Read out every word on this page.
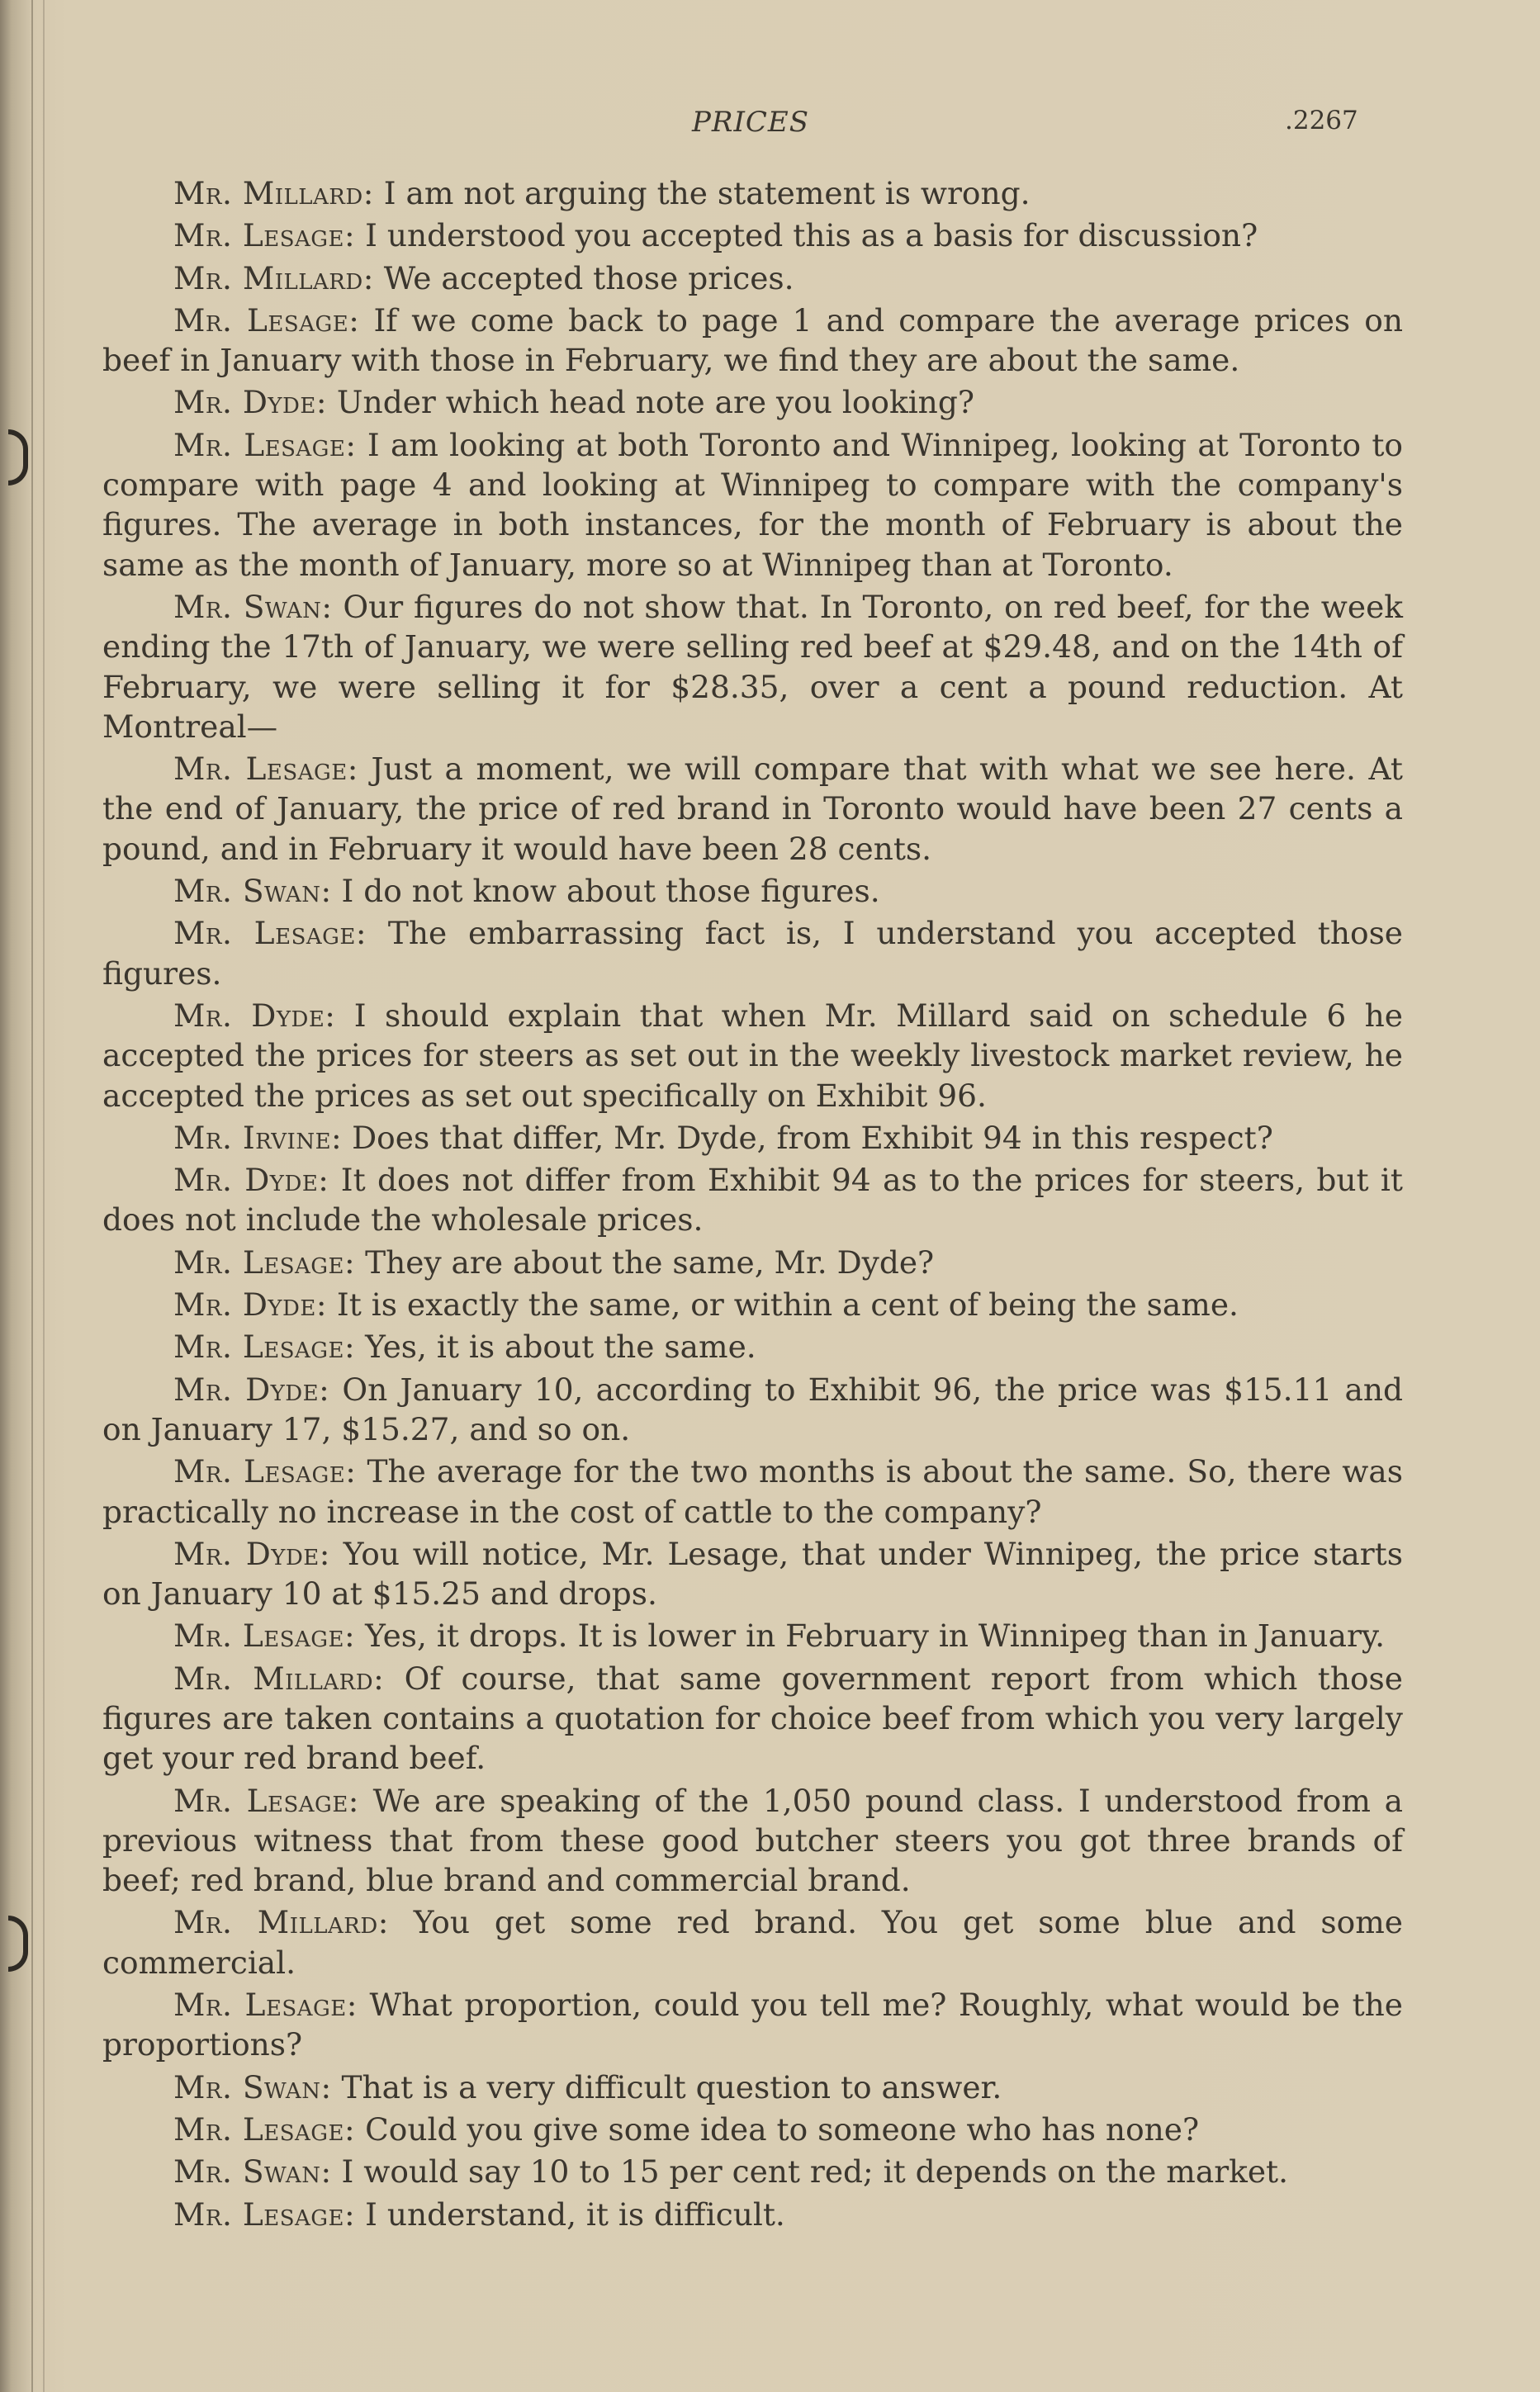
PRICES	.2267

Mr. Millard: I am not arguing the statement is wrong.

Mr. Lesage: I understood you accepted this as a basis for discussion?

Mr. Millard: We accepted those prices.

Mr. Lesage: If we come back to page 1 and compare the average prices on beef in January with those in February, we find they are about the same.

Mr. Dyde: Under which head note are you looking?

Mr. Lesage: I am looking at both Toronto and Winnipeg, looking at Toronto to compare with page 4 and looking at Winnipeg to compare with the company's figures. The average in both instances, for the month of February is about the same as the month of January, more so at Winnipeg than at Toronto.

Mr. Swan: Our figures do not show that. In Toronto, on red beef, for the week ending the 17th of January, we were selling red beef at $29.48, and on the 14th of February, we were selling it for $28.35, over a cent a pound reduction. At Montreal—

Mr. Lesage: Just a moment, we will compare that with what we see here. At the end of January, the price of red brand in Toronto would have been 27 cents a pound, and in February it would have been 28 cents.

Mr. Swan: I do not know about those figures.

Mr. Lesage: The embarrassing fact is, I understand you accepted those figures.

Mr. Dyde: I should explain that when Mr. Millard said on schedule 6 he accepted the prices for steers as set out in the weekly livestock market review, he accepted the prices as set out specifically on Exhibit 96.

Mr. Irvine: Does that differ, Mr. Dyde, from Exhibit 94 in this respect?

Mr. Dyde: It does not differ from Exhibit 94 as to the prices for steers, but it does not include the wholesale prices.

Mr. Lesage: They are about the same, Mr. Dyde?

Mr. Dyde: It is exactly the same, or within a cent of being the same.

Mr. Lesage: Yes, it is about the same.

Mr. Dyde: On January 10, according to Exhibit 96, the price was $15.11 and on January 17, $15.27, and so on.

Mr. Lesage: The average for the two months is about the same. So, there was practically no increase in the cost of cattle to the company?

Mr. Dyde: You will notice, Mr. Lesage, that under Winnipeg, the price starts on January 10 at $15.25 and drops.

Mr. Lesage: Yes, it drops. It is lower in February in Winnipeg than in January.

Mr. Millard: Of course, that same government report from which those figures are taken contains a quotation for choice beef from which you very largely get your red brand beef.

Mr. Lesage: We are speaking of the 1,050 pound class. I understood from a previous witness that from these good butcher steers you got three brands of beef; red brand, blue brand and commercial brand.

Mr. Millard: You get some red brand. You get some blue and some commercial.

Mr. Lesage: What proportion, could you tell me? Roughly, what would be the proportions?

Mr. Swan: That is a very difficult question to answer.

Mr. Lesage: Could you give some idea to someone who has none?

Mr. Swan: I would say 10 to 15 per cent red; it depends on the market.

Mr. Lesage: I understand, it is difficult.
